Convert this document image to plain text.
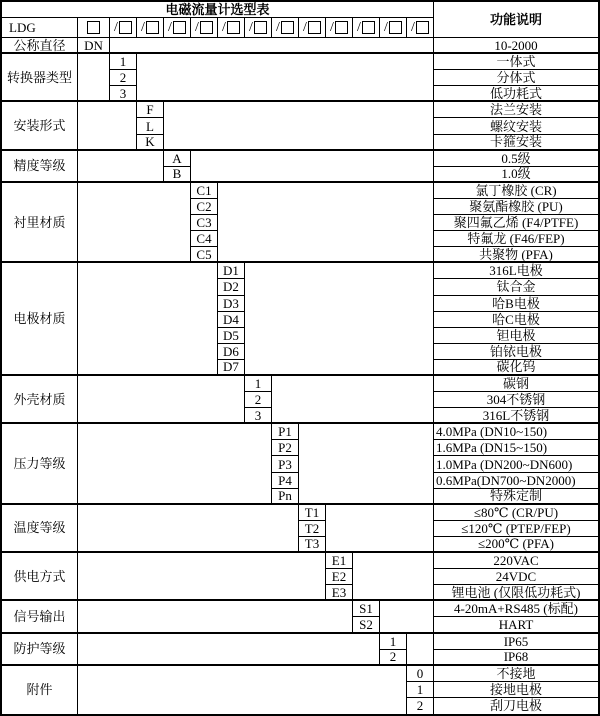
电磁流量计选型表
功能说明
LDG	/ / / / / / / / / / / /
公称直径	DN	10-2000
转换器类型
1	一体式
2	分体式
3	低功耗式
安装形式
F	法兰安装
L	螺纹安装
K	卡箍安装
精度等级
A	0.5级
B	1.0级
衬里材质
C1	氯丁橡胶 (CR)
C2	聚氨酯橡胶 (PU)
C3	聚四氟乙烯 (F4/PTFE)
C4	特氟龙 (F46/FEP)
C5	共聚物 (PFA)
电极材质
D1	316L电极
D2	钛合金
D3	哈B电极
D4	哈C电极
D5	钽电极
D6	铂铱电极
D7	碳化钨
外壳材质
1	碳钢
2	304不锈钢
3	316L不锈钢
压力等级
P1	4.0MPa (DN10~150)
P2	1.6MPa (DN15~150)
P3	1.0MPa (DN200~DN600)
P4	0.6MPa(DN700~DN2000)
Pn	特殊定制
温度等级
T1	≤80℃ (CR/PU)
T2	≤120℃ (PTEP/FEP)
T3	≤200℃ (PFA)
供电方式
E1	220VAC
E2	24VDC
E3	锂电池 (仅限低功耗式)
信号输出
S1	4-20mA+RS485 (标配)
S2	HART
防护等级
1	IP65
2	IP68
附件
0	不接地
1	接地电极
2	刮刀电极
